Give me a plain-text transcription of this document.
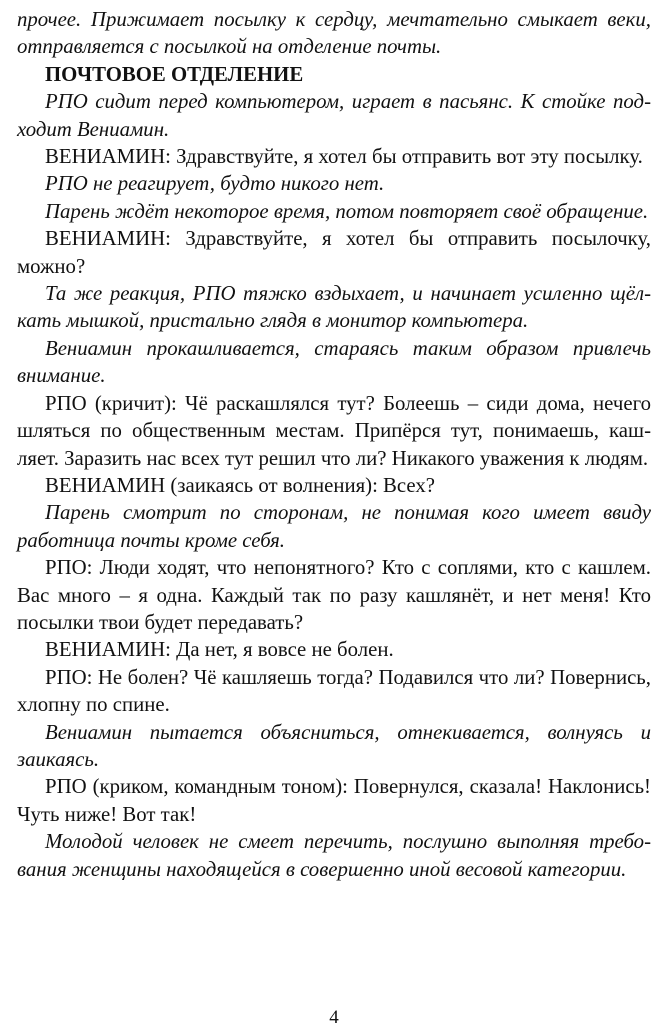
прочее. Прижимает посылку к сердцу, мечтательно смыкает веки, отправляется с посылкой на отделение почты.

ПОЧТОВОЕ ОТДЕЛЕНИЕ

РПО сидит перед компьютером, играет в пасьянс. К стойке подходит Вениамин.

ВЕНИАМИН: Здравствуйте, я хотел бы отправить вот эту посылку.

РПО не реагирует, будто никого нет.

Парень ждёт некоторое время, потом повторяет своё обращение.

ВЕНИАМИН: Здравствуйте, я хотел бы отправить посылочку, можно?

Та же реакция, РПО тяжко вздыхает, и начинает усиленно щёлкать мышкой, пристально глядя в монитор компьютера.

Вениамин прокашливается, стараясь таким образом привлечь внимание.

РПО (кричит): Чё раскашлялся тут? Болеешь – сиди дома, нечего шляться по общественным местам. Припёрся тут, понимаешь, кашляет. Заразить нас всех тут решил что ли? Никакого уважения к людям.

ВЕНИАМИН (заикаясь от волнения): Всех?

Парень смотрит по сторонам, не понимая кого имеет ввиду работница почты кроме себя.

РПО: Люди ходят, что непонятного? Кто с соплями, кто с кашлем. Вас много – я одна. Каждый так по разу кашлянёт, и нет меня! Кто посылки твои будет передавать?

ВЕНИАМИН: Да нет, я вовсе не болен.

РПО: Не болен? Чё кашляешь тогда? Подавился что ли? Повернись, хлопну по спине.

Вениамин пытается объясниться, отнекивается, волнуясь и заикаясь.

РПО (криком, командным тоном): Повернулся, сказала! Наклонись! Чуть ниже! Вот так!

Молодой человек не смеет перечить, послушно выполняя требования женщины находящейся в совершенно иной весовой категории.

4
